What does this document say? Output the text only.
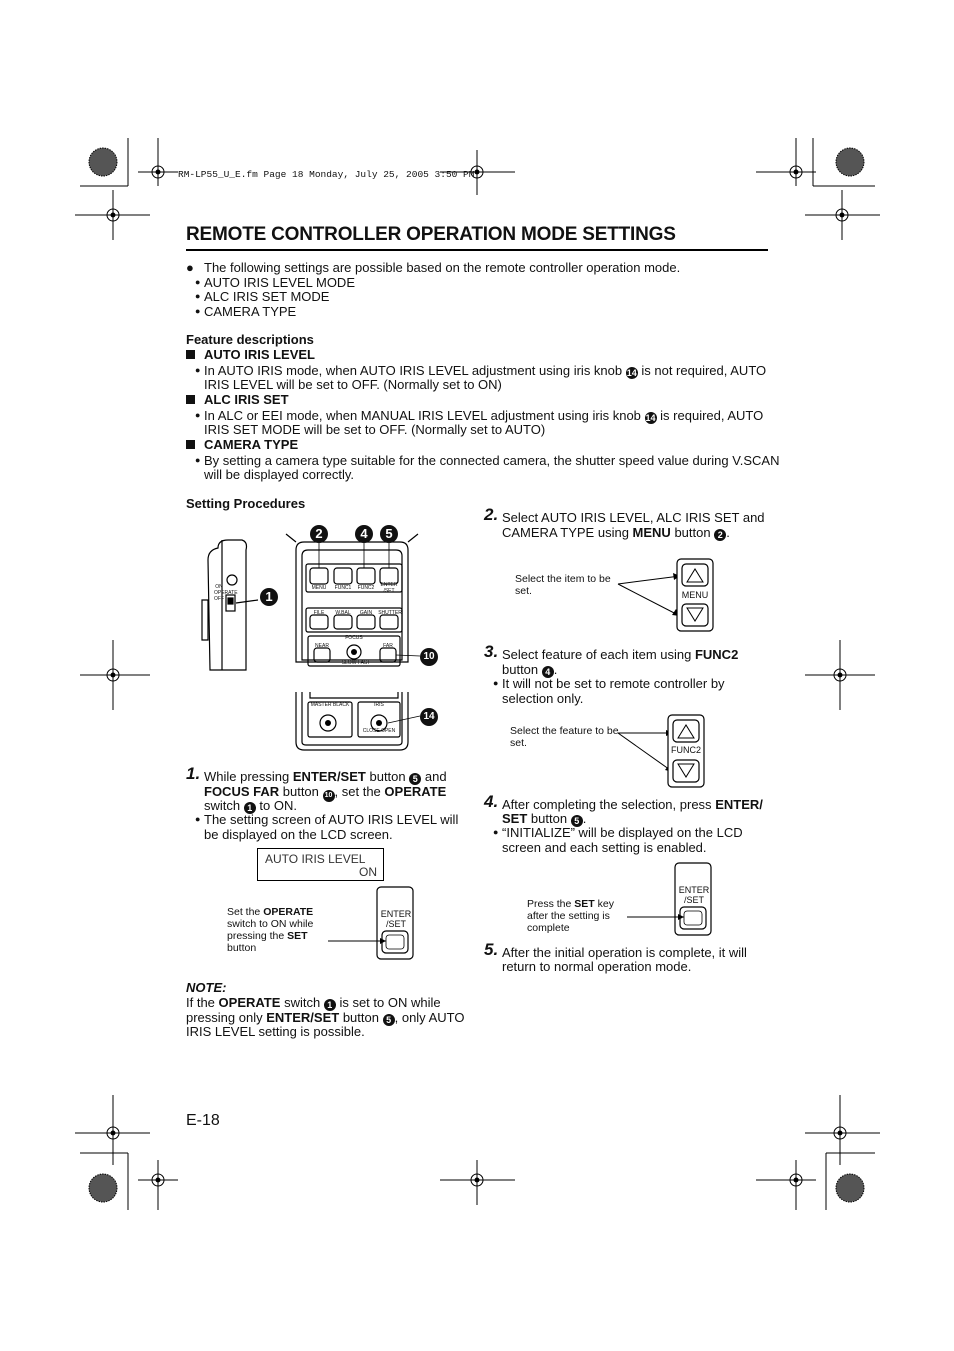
RM-LP55_U_E.fm Page 18 Monday, July 25, 2005 3:50 PM
REMOTE CONTROLLER OPERATION MODE SETTINGS
● The following settings are possible based on the remote controller operation mode.
● AUTO IRIS LEVEL MODE
● ALC IRIS SET MODE
● CAMERA TYPE
Feature descriptions
AUTO IRIS LEVEL
● In AUTO IRIS mode, when AUTO IRIS LEVEL adjustment using iris knob 14 is not required, AUTO
IRIS LEVEL will be set to OFF. (Normally set to ON)
ALC IRIS SET
● In ALC or EEI mode, when MANUAL IRIS LEVEL adjustment using iris knob 14 is required, AUTO
IRIS SET MODE will be set to OFF. (Normally set to AUTO)
CAMERA TYPE
● By setting a camera type suitable for the connected camera, the shutter speed value during V.SCAN
will be displayed correctly.
Setting Procedures
MENU	FUNC1	FUNC2	ENTER /SET
FILE	W.BAL	GAIN	SHUTTER
FOCUS
NEAR	FAR
SLOW FAST
MASTER BLACK	IRIS
CLOSE OPEN
ON
OPERATE
OFF	1
2	4	5
10
14
1. While pressing ENTER/SET button 5 and
FOCUS FAR button 10 , set the OPERATE
switch 1 to ON.
● The setting screen of AUTO IRIS LEVEL will
be displayed on the LCD screen.
AUTO IRIS LEVEL
ON
Set the OPERATE switch to ON while pressing the SET button
ENTER /SET
NOTE:
If the OPERATE switch 1 is set to ON while
pressing only ENTER/SET button 5 , only AUTO
IRIS LEVEL setting is possible.
2. Select AUTO IRIS LEVEL, ALC IRIS SET and
CAMERA TYPE using MENU button 2 .
Select the item to be set.	MENU
3. Select feature of each item using FUNC2
button 4 .
● It will not be set to remote controller by
selection only.
Select the feature to be set.
FUNC2
4. After completing the selection, press ENTER/
SET button 5 .
● “INITIALIZE” will be displayed on the LCD
screen and each setting is enabled.
Press the SET key after the setting is complete
ENTER /SET
5. After the initial operation is complete, it will
return to normal operation mode.
E-18
